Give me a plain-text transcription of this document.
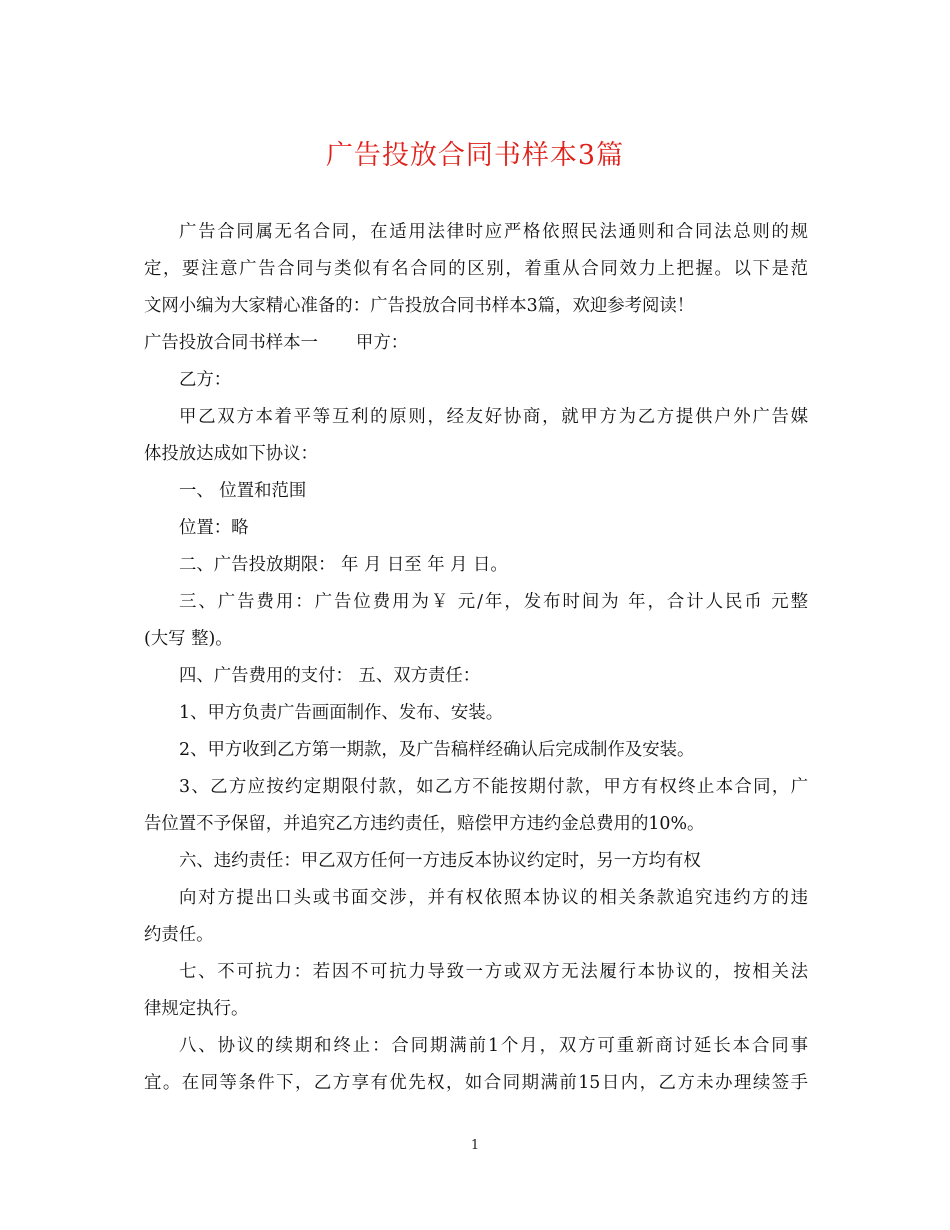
广告投放合同书样本3篇
广告合同属无名合同，在适用法律时应严格依照民法通则和合同法总则的规
定，要注意广告合同与类似有名合同的区别，着重从合同效力上把握。以下是范
文网小编为大家精心准备的：广告投放合同书样本3篇，欢迎参考阅读！
广告投放合同书样本一 甲方：
乙方：
甲乙双方本着平等互利的原则，经友好协商，就甲方为乙方提供户外广告媒
体投放达成如下协议：
一、 位置和范围
位置：略
二、广告投放期限： 年 月 日至 年 月 日。
三、广告费用：广告位费用为￥ 元/年，发布时间为 年，合计人民币 元整
(大写 整)。
四、广告费用的支付： 五、双方责任：
1、甲方负责广告画面制作、发布、安装。
2、甲方收到乙方第一期款，及广告稿样经确认后完成制作及安装。
3、乙方应按约定期限付款，如乙方不能按期付款，甲方有权终止本合同，广
告位置不予保留，并追究乙方违约责任，赔偿甲方违约金总费用的10%。
六、违约责任：甲乙双方任何一方违反本协议约定时，另一方均有权
向对方提出口头或书面交涉，并有权依照本协议的相关条款追究违约方的违
约责任。
七、不可抗力：若因不可抗力导致一方或双方无法履行本协议的，按相关法
律规定执行。
八、协议的续期和终止：合同期满前1个月，双方可重新商讨延长本合同事
宜。在同等条件下，乙方享有优先权，如合同期满前15日内，乙方未办理续签手
1
